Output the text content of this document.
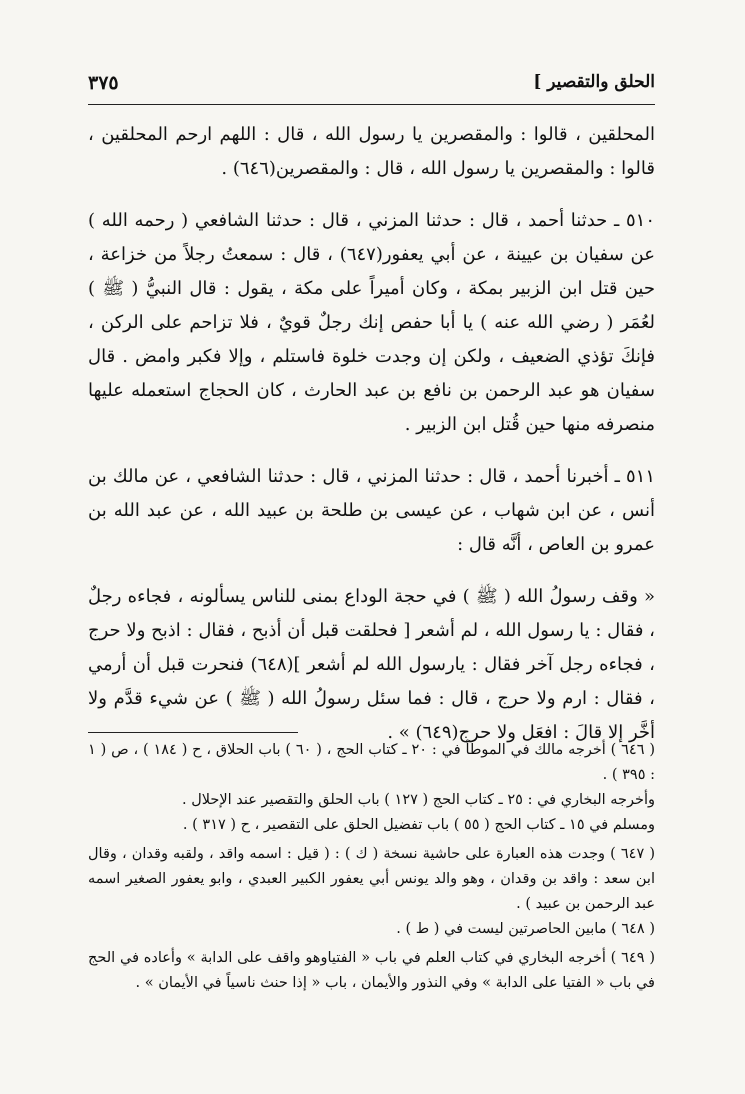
الحلق والتقصير ]
٣٧٥

المحلقين ، قالوا : والمقصرين يا رسول الله ، قال : اللهم ارحم المحلقين ، قالوا : والمقصرين يا رسول الله ، قال : والمقصرين(٦٤٦) .

٥١٠ ـ حدثنا أحمد ، قال : حدثنا المزني ، قال : حدثنا الشافعي ( رحمه الله ) عن سفيان بن عيينة ، عن أبي يعفور(٦٤٧) ، قال : سمعتُ رجلاً من خزاعة ، حين قتل ابن الزبير بمكة ، وكان أميراً على مكة ، يقول : قال النبيُّ ( ﷺ ) لعُمَر ( رضي الله عنه ) يا أبا حفص إنك رجلٌ قويٌ ، فلا تزاحم على الركن ، فإنكَ تؤذي الضعيف ، ولكن إن وجدت خلوة فاستلم ، وإلا فكبر وامض . قال سفيان هو عبد الرحمن بن نافع بن عبد الحارث ، كان الحجاج استعمله عليها منصرفه منها حين قُتل ابن الزبير .

٥١١ ـ أخبرنا أحمد ، قال : حدثنا المزني ، قال : حدثنا الشافعي ، عن مالك بن أنس ، عن ابن شهاب ، عن عيسى بن طلحة بن عبيد الله ، عن عبد الله بن عمرو بن العاص ، أنَّه قال :

« وقف رسولُ الله ( ﷺ ) في حجة الوداع بمنى للناس يسألونه ، فجاءه رجلٌ ، فقال : يا رسول الله ، لم أشعر [ فحلقت قبل أن أذبح ، فقال : اذبح ولا حرج ، فجاءه رجل آخر فقال : يارسول الله لم أشعر ](٦٤٨) فنحرت قبل أن أرمي ، فقال : ارم ولا حرج ، قال : فما سئل رسولُ الله ( ﷺ ) عن شيء قدَّم ولا أخَّر إلا قالَ : افعَل ولا حرج(٦٤٩) » .

( ٦٤٦ ) أخرجه مالك في الموطأ في : ٢٠ ـ كتاب الحج ، ( ٦٠ ) باب الحلاق ، ح ( ١٨٤ ) ، ص ( ١ : ٣٩٥ ) .

وأخرجه البخاري في : ٢٥ ـ كتاب الحج ( ١٢٧ ) باب الحلق والتقصير عند الإحلال .

ومسلم في ١٥ ـ كتاب الحج ( ٥٥ ) باب تفضيل الحلق على التقصير ، ح ( ٣١٧ ) .

( ٦٤٧ ) وجدت هذه العبارة على حاشية نسخة ( ك ) : ( قيل : اسمه واقد ، ولقبه وقدان ، وقال ابن سعد : واقد بن وقدان ، وهو والد يونس أبي يعفور الكبير العبدي ، وابو يعفور الصغير اسمه عبد الرحمن بن عبيد ) .

( ٦٤٨ ) مابين الحاصرتين ليست في ( ط ) .

( ٦٤٩ ) أخرجه البخاري في كتاب العلم في باب « الفتياوهو واقف على الدابة » وأعاده في الحج في باب « الفتيا على الدابة » وفي النذور والأيمان ، باب « إذا حنث ناسياً في الأيمان » .
